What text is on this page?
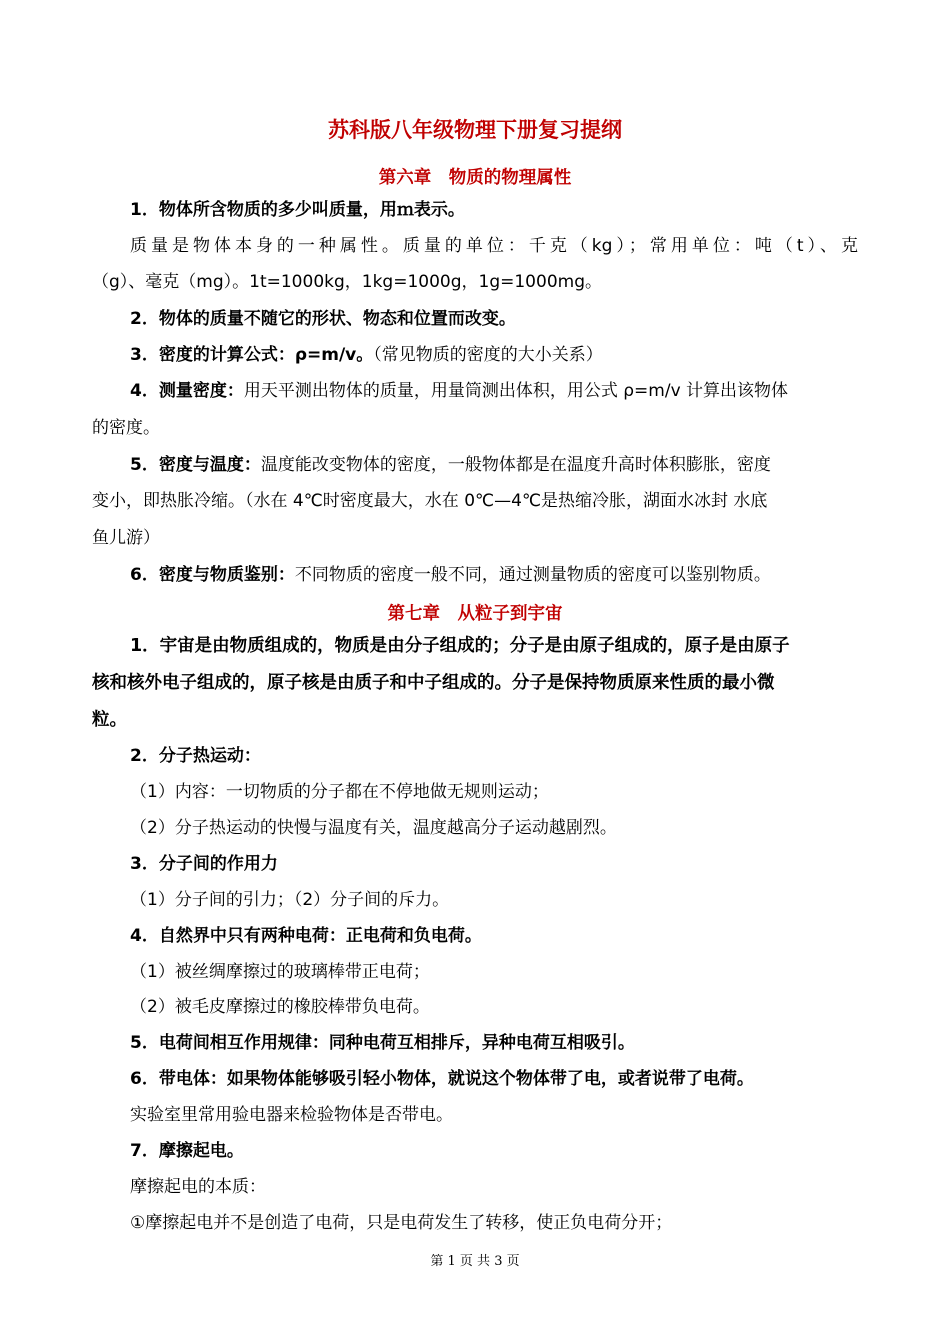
苏科版八年级物理下册复习提纲
第六章　物质的物理属性
1．物体所含物质的多少叫质量，用ｍ表示。
质量是物体本身的一种属性。质量的单位：千克（kg）；常用单位：吨（t）、克
（g）、毫克（mg）。1t=1000kg，1kg=1000g，1g=1000mg。
2．物体的质量不随它的形状、物态和位置而改变。
3．密度的计算公式：ρ=m/v。（常见物质的密度的大小关系）
4．测量密度：用天平测出物体的质量，用量筒测出体积，用公式 ρ=m/v 计算出该物体
的密度。
5．密度与温度：温度能改变物体的密度，一般物体都是在温度升高时体积膨胀，密度
变小，即热胀冷缩。（水在 4℃时密度最大，水在 0℃—4℃是热缩冷胀，湖面水冰封 水底
鱼儿游）
6．密度与物质鉴别：不同物质的密度一般不同，通过测量物质的密度可以鉴别物质。
第七章　从粒子到宇宙
1．宇宙是由物质组成的，物质是由分子组成的；分子是由原子组成的，原子是由原子
核和核外电子组成的，原子核是由质子和中子组成的。分子是保持物质原来性质的最小微
粒。
2．分子热运动：
（1）内容：一切物质的分子都在不停地做无规则运动；
（2）分子热运动的快慢与温度有关，温度越高分子运动越剧烈。
3．分子间的作用力
（1）分子间的引力；（2）分子间的斥力。
4．自然界中只有两种电荷：正电荷和负电荷。
（1）被丝绸摩擦过的玻璃棒带正电荷；
（2）被毛皮摩擦过的橡胶棒带负电荷。
5．电荷间相互作用规律：同种电荷互相排斥，异种电荷互相吸引。
6．带电体：如果物体能够吸引轻小物体，就说这个物体带了电，或者说带了电荷。
实验室里常用验电器来检验物体是否带电。
7．摩擦起电。
摩擦起电的本质：
①摩擦起电并不是创造了电荷，只是电荷发生了转移，使正负电荷分开；
第 1 页 共 3 页
